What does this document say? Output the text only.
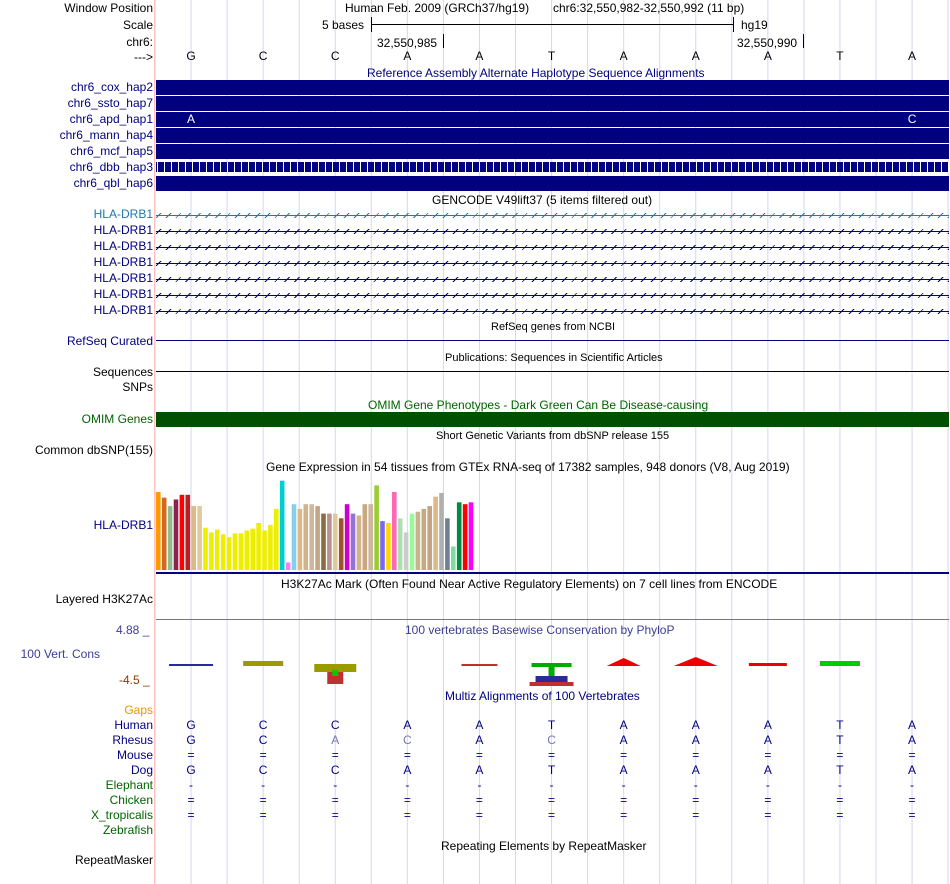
Window Position
Scale
chr6:
--->
Human Feb. 2009 (GRCh37/hg19) chr6:32,550,982-32,550,992 (11 bp)
5 bases	hg19
32,550,985	32,550,990
G	C	C	A	A	T	A	A	A	T	A
Reference Assembly Alternate Haplotype Sequence Alignments
chr6_cox_hap2
chr6_ssto_hap7
chr6_apd_hap1	A	C
chr6_mann_hap4
chr6_mcf_hap5
chr6_dbb_hap3
chr6_qbl_hap6
GENCODE V49lift37 (5 items filtered out)
HLA-DRB1
HLA-DRB1
HLA-DRB1
HLA-DRB1
HLA-DRB1
HLA-DRB1
HLA-DRB1
RefSeq genes from NCBI
RefSeq Curated
Publications: Sequences in Scientific Articles
Sequences
SNPs
OMIM Gene Phenotypes - Dark Green Can Be Disease-causing
OMIM Genes
Short Genetic Variants from dbSNP release 155
Common dbSNP(155)
Gene Expression in 54 tissues from GTEx RNA-seq of 17382 samples, 948 donors (V8, Aug 2019)
HLA-DRB1
H3K27Ac Mark (Often Found Near Active Regulatory Elements) on 7 cell lines from ENCODE
Layered H3K27Ac
100 vertebrates Basewise Conservation by PhyloP
4.88 _
100 Vert. Cons
-4.5 _
Multiz Alignments of 100 Vertebrates
Gaps
Human	G	C	C	A	A	T	A	A	A	T	A
Rhesus	G	C	A	C	A	C	A	A	A	T	A
Mouse	=	=	=	=	=	=	=	=	=	=	=
Dog	G	C	C	A	A	T	A	A	A	T	A
Elephant	-	-	-	-	-	-	-	-	-	-	-
Chicken	=	=	=	=	=	=	=	=	=	=	=
X_tropicalis	=	=	=	=	=	=	=	=	=	=	=
Zebrafish
Repeating Elements by RepeatMasker
RepeatMasker
